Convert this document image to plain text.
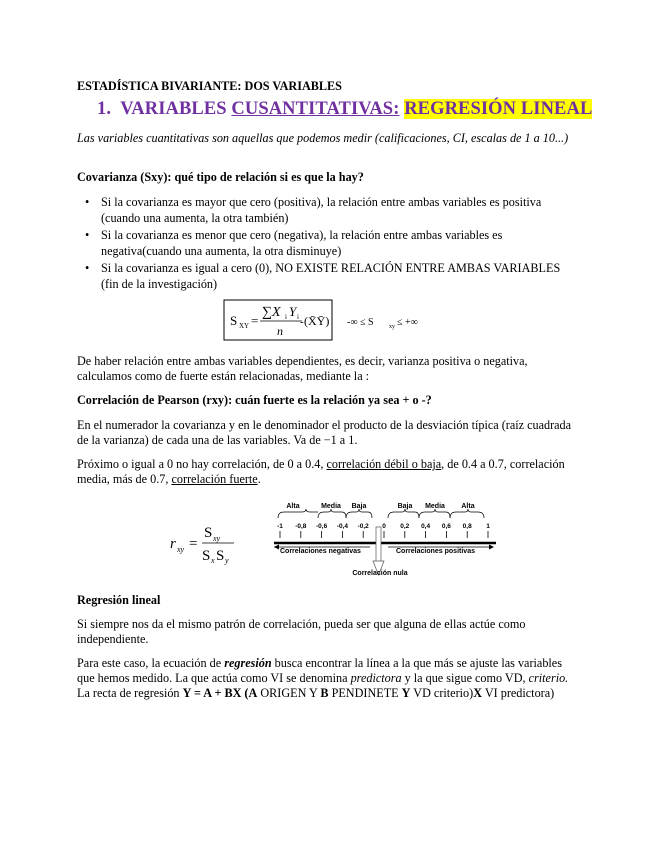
ESTADÍSTICA BIVARIANTE: DOS VARIABLES
1. VARIABLES CUSANTITATIVAS: REGRESIÓN LINEAL
Las variables cuantitativas son aquellas que podemos medir (calificaciones, CI, escalas de 1 a 10...)
Covarianza (Sxy): qué tipo de relación si es que la hay?
• Si la covarianza es mayor que cero (positiva), la relación entre ambas variables es positiva (cuando una aumenta, la otra también)
• Si la covarianza es menor que cero (negativa), la relación entre ambas variables es negativa(cuando una aumenta, la otra disminuye)
• Si la covarianza es igual a cero (0), NO EXISTE RELACIÓN ENTRE AMBAS VARIABLES (fin de la investigación)
S XY =
∑X i Y i
n
- (X̄Ȳ) -∞ ≤ S	xy ≤ +∞
De haber relación entre ambas variables dependientes, es decir, varianza positiva o negativa, calculamos como de fuerte están relacionadas, mediante la :
Correlación de Pearson (rxy): cuán fuerte es la relación ya sea + o -?
En el numerador la covarianza y en le denominador el producto de la desviación típica (raíz cuadrada de la varianza) de cada una de las variables. Va de −1 a 1.
Próximo o igual a 0 no hay correlación, de 0 a 0.4, correlación débil o baja, de 0.4 a 0.7, correlación media, más de 0.7, correlación fuerte.
r xy =
S xy
S x S y
Alta	Media Baja	Baja Media Alta
-1 -0,8 -0,6 -0,4 -0,2 0 0,2 0,4 0,6 0,8 1
Correlaciones negativas	Correlaciones positivas
Correlación nula
Regresión lineal
Si siempre nos da el mismo patrón de correlación, pueda ser que alguna de ellas actúe como independiente.
Para este caso, la ecuación de regresión busca encontrar la línea a la que más se ajuste las variables que hemos medido. La que actúa como VI se denomina predictora y la que sigue como VD, criterio. La recta de regresión Y = A + BX (A ORIGEN Y B PENDINETE Y VD criterio)X VI predictora)
